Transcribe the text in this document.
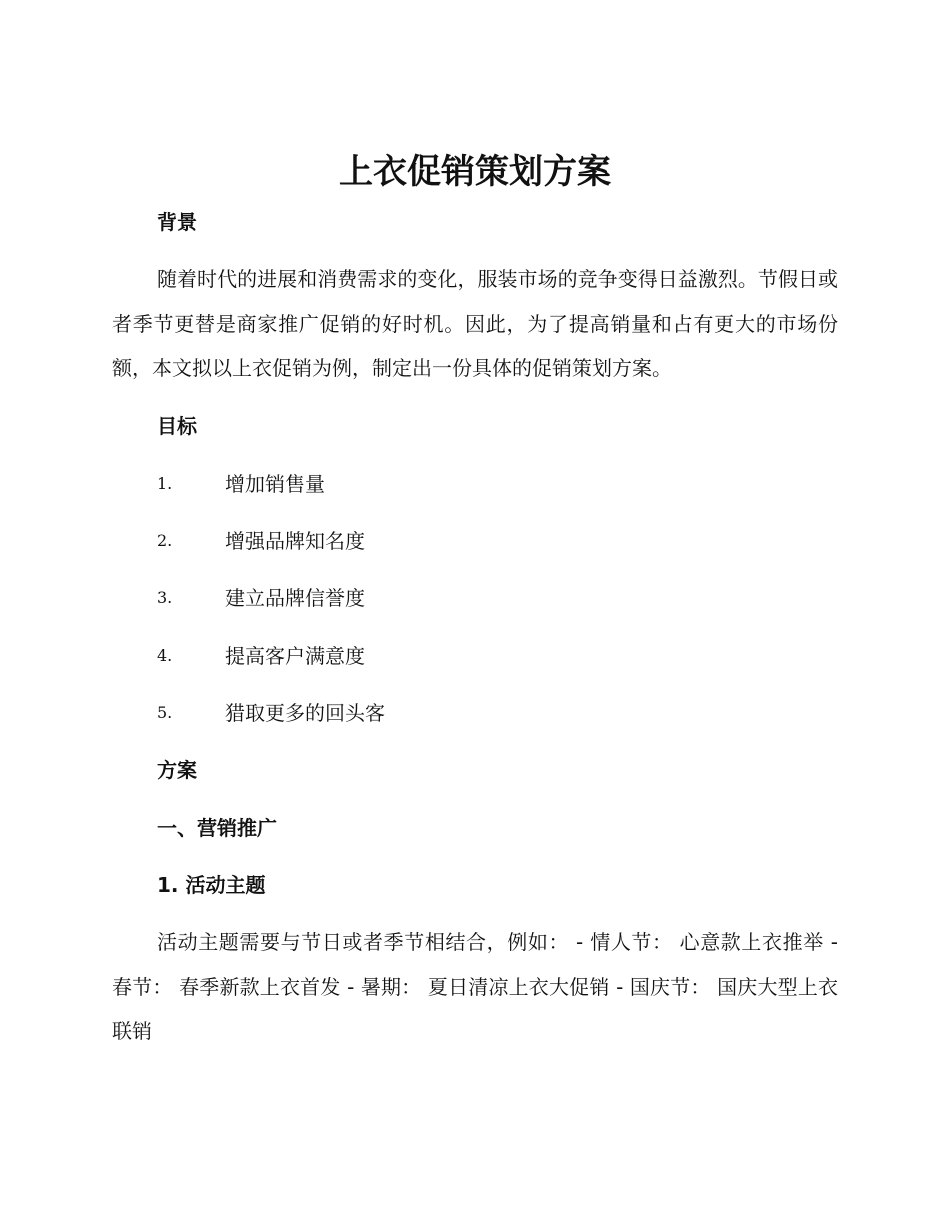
上衣促销策划方案
背景
随着时代的进展和消费需求的变化，服装市场的竞争变得日益激烈。节假日或者季节更替是商家推广促销的好时机。因此，为了提高销量和占有更大的市场份额，本文拟以上衣促销为例，制定出一份具体的促销策划方案。
目标
1.	增加销售量
2.	增强品牌知名度
3.	建立品牌信誉度
4.	提高客户满意度
5.	猎取更多的回头客
方案
一、营销推广
1. 活动主题
活动主题需要与节日或者季节相结合，例如： - 情人节： 心意款上衣推举 - 春节： 春季新款上衣首发 - 暑期： 夏日清凉上衣大促销 - 国庆节： 国庆大型上衣联销
